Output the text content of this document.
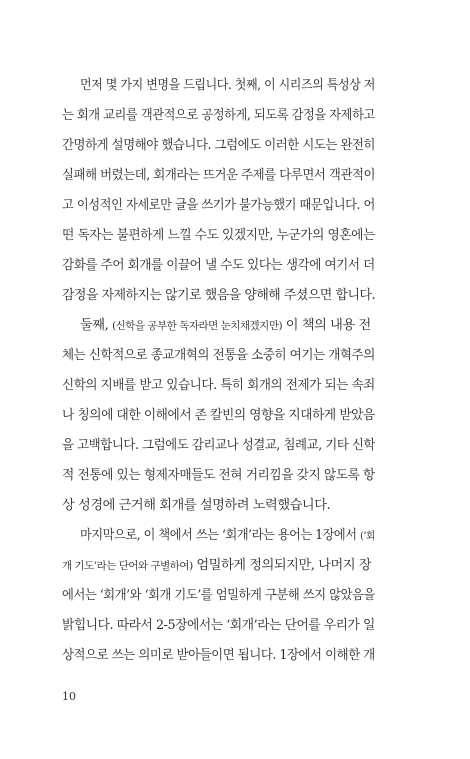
먼저 몇 가지 변명을 드립니다. 첫째, 이 시리즈의 특성상 저
는 회개 교리를 객관적으로 공정하게, 되도록 감정을 자제하고
간명하게 설명해야 했습니다. 그럼에도 이러한 시도는 완전히
실패해 버렸는데, 회개라는 뜨거운 주제를 다루면서 객관적이
고 이성적인 자세로만 글을 쓰기가 불가능했기 때문입니다. 어
떤 독자는 불편하게 느낄 수도 있겠지만, 누군가의 영혼에는
감화를 주어 회개를 이끌어 낼 수도 있다는 생각에 여기서 더
감정을 자제하지는 않기로 했음을 양해해 주셨으면 합니다.
둘째, (신학을 공부한 독자라면 눈치채겠지만) 이 책의 내용 전
체는 신학적으로 종교개혁의 전통을 소중히 여기는 개혁주의
신학의 지배를 받고 있습니다. 특히 회개의 전제가 되는 속죄
나 칭의에 대한 이해에서 존 칼빈의 영향을 지대하게 받았음
을 고백합니다. 그럼에도 감리교나 성결교, 침례교, 기타 신학
적 전통에 있는 형제자매들도 전혀 거리낌을 갖지 않도록 항
상 성경에 근거해 회개를 설명하려 노력했습니다.
마지막으로, 이 책에서 쓰는 ‘회개’라는 용어는 1장에서 (‘회
개 기도’라는 단어와 구별하여) 엄밀하게 정의되지만, 나머지 장
에서는 ‘회개’와 ‘회개 기도’를 엄밀하게 구분해 쓰지 않았음을
밝힙니다. 따라서 2-5장에서는 ‘회개’라는 단어를 우리가 일
상적으로 쓰는 의미로 받아들이면 됩니다. 1장에서 이해한 개
10
